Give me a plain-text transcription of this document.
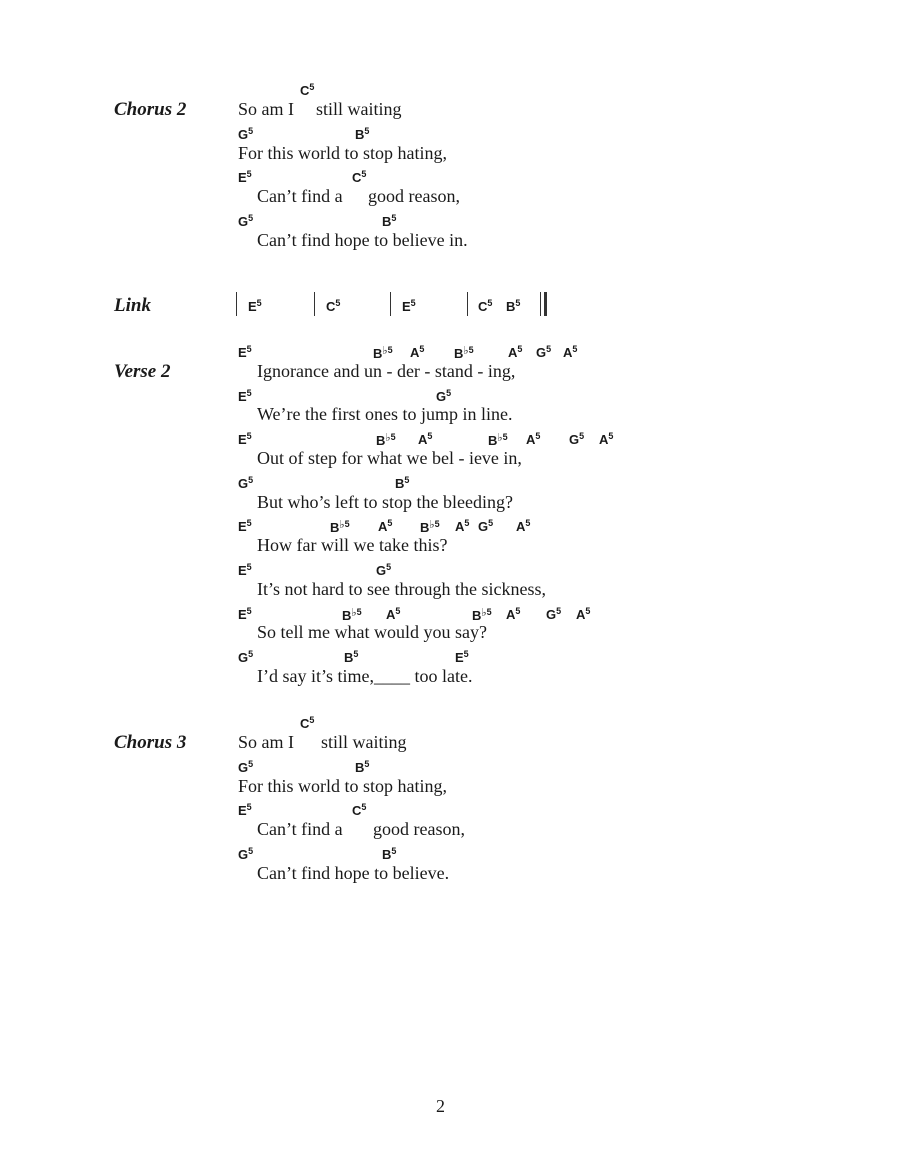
Chorus 2
$C^5$
So am I still waiting
$G^5$	$B^5$
For this world to stop hating,
$E^5$	$C^5$
Can’t find a good reason,
$G^5$	$B^5$
Can’t find hope to believe in.
Link	$E^5$	$C^5$	$E^5$	$C^5$ $B^5$
Verse 2
$E^5$	$B^{♭5}$ $A^5$ $B^{♭5}$	$A^5$ $G^5$ $A^5$
Ignorance and un - der - stand - ing,
$E^5$	$G^5$
We’re the first ones to jump in line.
$E^5$	$B^{♭5}$ $A^5$	$B^{♭5}$ $A^5$ $G^5$ $A^5$
Out of step for what we bel - ieve in,
$G^5$	$B^5$
But who’s left to stop the bleeding?
$E^5$	$B^{♭5}$ $A^5$ $B^{♭5}$ $A^5$ $G^5$ $A^5$
How far will we take this?
$E^5$	$G^5$
It’s not hard to see through the sickness,
$E^5$	$B^{♭5}$ $A^5$	$B^{♭5}$ $A^5$ $G^5$ $A^5$
So tell me what would you say?
$G^5$	$B^5$	$E^5$
I’d say it’s time,____ too late.
Chorus 3
$C^5$
So am I still waiting
$G^5$	$B^5$
For this world to stop hating,
$E^5$	$C^5$
Can’t find a good reason,
$G^5$	$B^5$
Can’t find hope to believe.
2
